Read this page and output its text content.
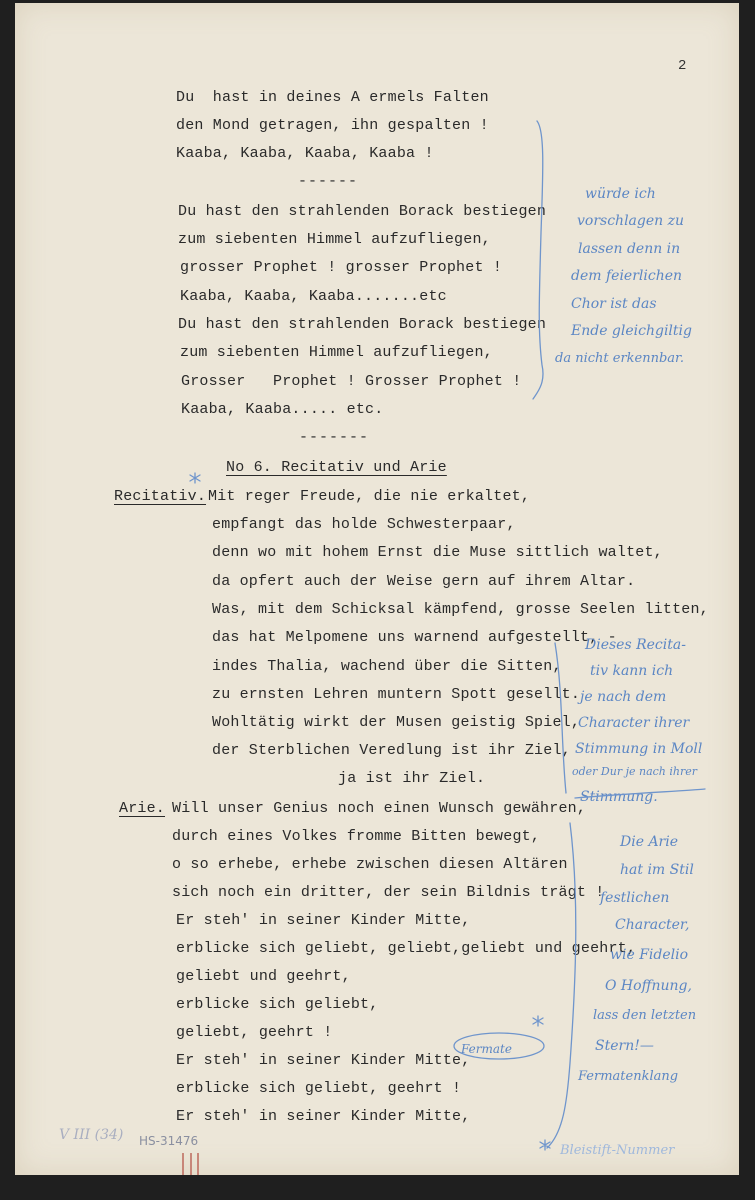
2
Du  hast in deines A ermels Falten
den Mond getragen, ihn gespalten !
Kaaba, Kaaba, Kaaba, Kaaba !
------
Du hast den strahlenden Borack bestiegen
zum siebenten Himmel aufzufliegen,
grosser Prophet ! grosser Prophet !
Kaaba, Kaaba, Kaaba.......etc
Du hast den strahlenden Borack bestiegen
zum siebenten Himmel aufzufliegen,
Grosser   Prophet ! Grosser Prophet !
Kaaba, Kaaba..... etc.
-------
No 6. Recitativ und Arie
Recitativ. Mit reger Freude, die nie erkaltet,
empfangt das holde Schwesterpaar,
denn wo mit hohem Ernst die Muse sittlich waltet,
da opfert auch der Weise gern auf ihrem Altar.
Was, mit dem Schicksal kämpfend, grosse Seelen litten,
das hat Melpomene uns warnend aufgestellt, -
indes Thalia, wachend über die Sitten,
zu ernsten Lehren muntern Spott gesellt.
Wohltätig wirkt der Musen geistig Spiel,
der Sterblichen Veredlung ist ihr Ziel,
ja ist ihr Ziel.
Arie. Will unser Genius noch einen Wunsch gewähren,
durch eines Volkes fromme Bitten bewegt,
o so erhebe, erhebe zwischen diesen Altären
sich noch ein dritter, der sein Bildnis trägt !
Er steh' in seiner Kinder Mitte,
erblicke sich geliebt, geliebt,geliebt und geehrt,
geliebt und geehrt,
erblicke sich geliebt,
geliebt, geehrt !
Er steh' in seiner Kinder Mitte,
erblicke sich geliebt, geehrt !
Er steh' in seiner Kinder Mitte,
würde ich
vorschlagen zu
lassen denn in
dem feierlichen
Chor ist das
Ende gleichgiltig
da nicht erkennbar.
Dieses Recita-
tiv kann ich
je nach dem
Character ihrer
Stimmung in Moll
oder Dur je nach ihrer
Stimmung.
Die Arie
hat im Stil
festlichen
Character,
wie Fidelio
O Hoffnung,
lass den letzten
Stern!—
Fermatenklang
Fermate
Bleistift-Nummer
V III (34) HS-31476
